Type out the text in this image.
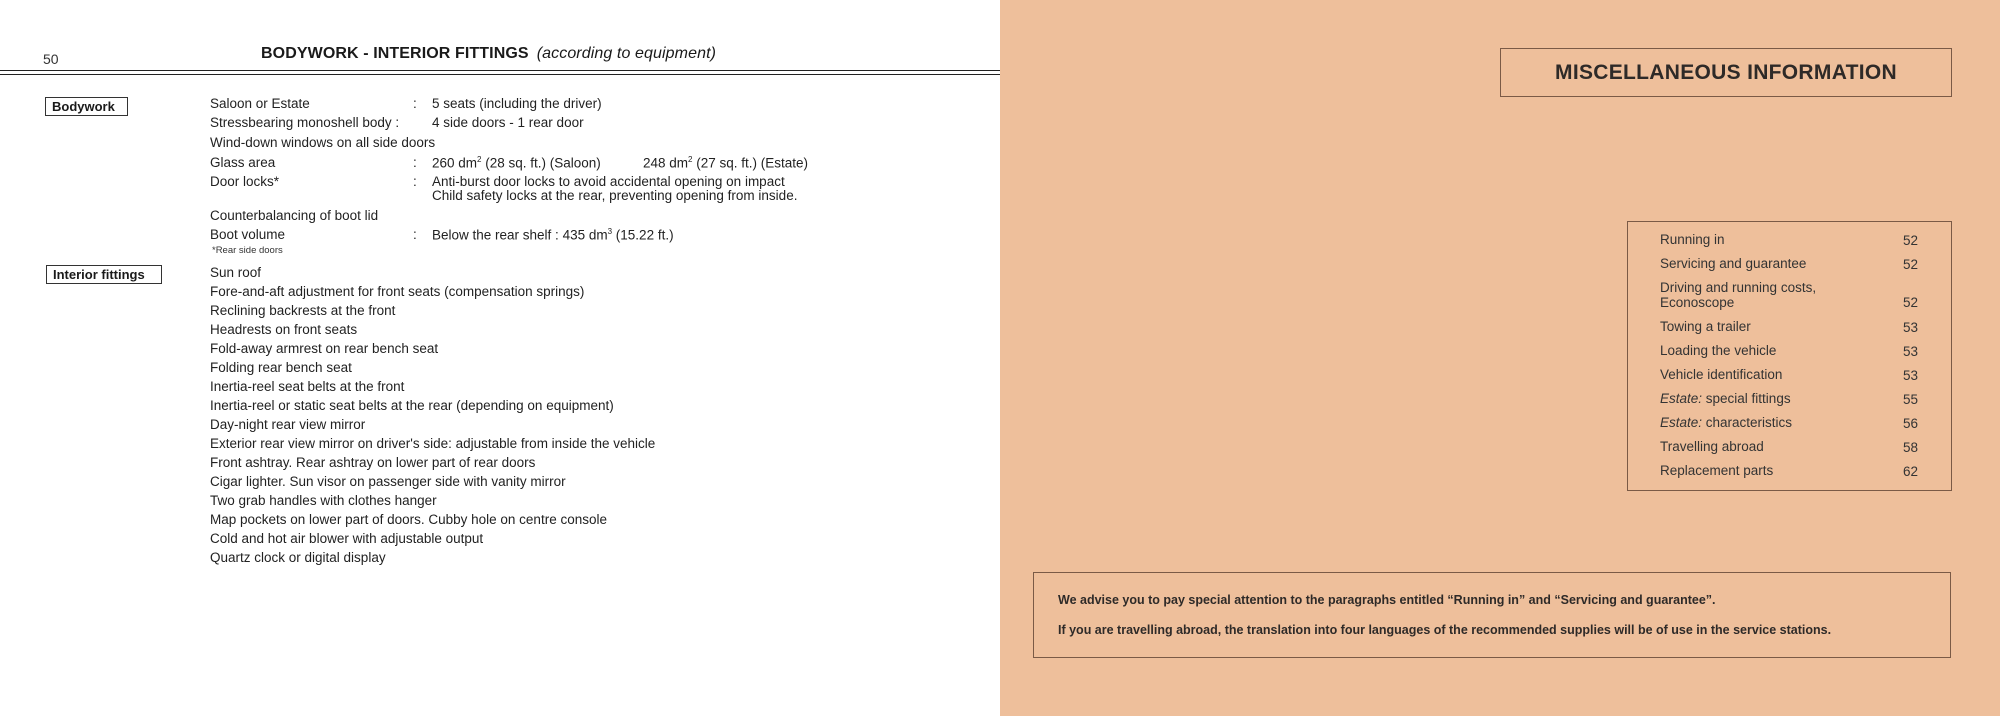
50	BODYWORK - INTERIOR FITTINGS (according to equipment)
Bodywork	Saloon or Estate	: 5 seats (including the driver)
Stressbearing monoshell body : 4 side doors - 1 rear door
Wind-down windows on all side doors
Glass area	: 260 $dm^2$ (28 sq. ft.) (Saloon)	248 $dm^2$ (27 sq. ft.) (Estate)
Door locks*	: Anti-burst door locks to avoid accidental opening on impact
Child safety locks at the rear, preventing opening from inside.
Counterbalancing of boot lid
Boot volume	: Below the rear shelf : 435 $dm^3$ (15.22 ft.)
*Rear side doors
Interior fittings	Sun roof
Fore-and-aft adjustment for front seats (compensation springs)
Reclining backrests at the front
Headrests on front seats
Fold-away armrest on rear bench seat
Folding rear bench seat
Inertia-reel seat belts at the front
Inertia-reel or static seat belts at the rear (depending on equipment)
Day-night rear view mirror
Exterior rear view mirror on driver's side: adjustable from inside the vehicle
Front ashtray. Rear ashtray on lower part of rear doors
Cigar lighter. Sun visor on passenger side with vanity mirror
Two grab handles with clothes hanger
Map pockets on lower part of doors. Cubby hole on centre console
Cold and hot air blower with adjustable output
Quartz clock or digital display
MISCELLANEOUS INFORMATION
Running in	52
Servicing and guarantee	52
Driving and running costs, Econoscope	52
Towing a trailer	53
Loading the vehicle	53
Vehicle identification	53
Estate: special fittings	55
Estate: characteristics	56
Travelling abroad	58
Replacement parts	62
We advise you to pay special attention to the paragraphs entitled “Running in” and “Servicing and guarantee”.
If you are travelling abroad, the translation into four languages of the recommended supplies will be of use in the service stations.
